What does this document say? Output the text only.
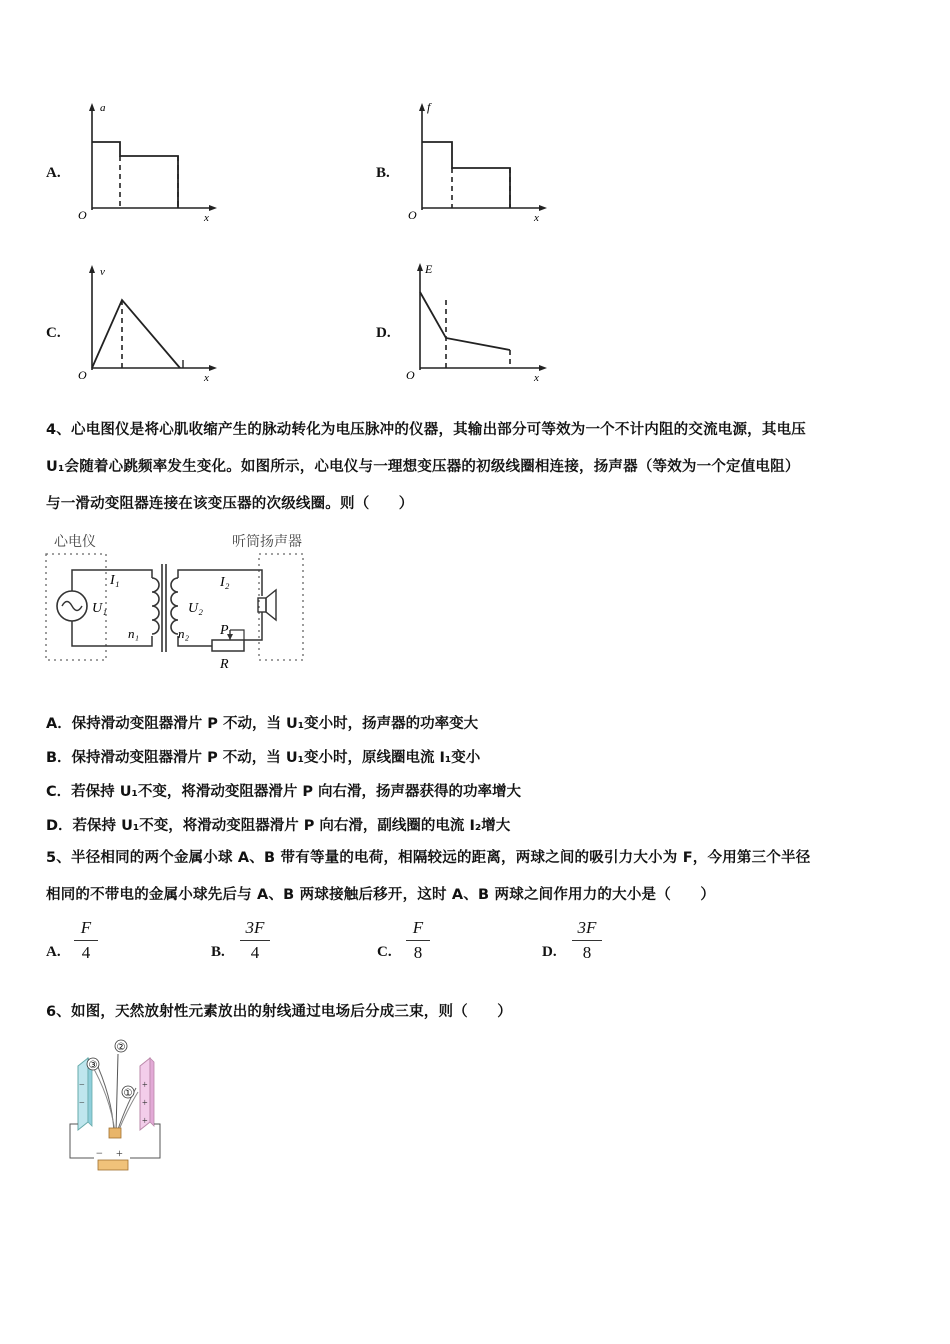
A.
a
x
O
B.
f
x
O
C.
v
x
O
D.
E
x
O
4、心电图仪是将心肌收缩产生的脉动转化为电压脉冲的仪器，其输出部分可等效为一个不计内阻的交流电源，其电压
U₁会随着心跳频率发生变化。如图所示，心电仪与一理想变压器的初级线圈相连接，扬声器（等效为一个定值电阻）
与一滑动变阻器连接在该变压器的次级线圈。则（　　）
心电仪	听筒扬声器
I₁
U₁
n₁
U₂
n₂
I₂
P
R
A．保持滑动变阻器滑片 P 不动，当 U₁变小时，扬声器的功率变大
B．保持滑动变阻器滑片 P 不动，当 U₁变小时，原线圈电流 I₁变小
C．若保持 U₁不变，将滑动变阻器滑片 P 向右滑，扬声器获得的功率增大
D．若保持 U₁不变，将滑动变阻器滑片 P 向右滑，副线圈的电流 I₂增大
5、半径相同的两个金属小球 A、B 带有等量的电荷，相隔较远的距离，两球之间的吸引力大小为 F，今用第三个半径
相同的不带电的金属小球先后与 A、B 两球接触后移开，这时 A、B 两球之间作用力的大小是（　　）
A.
F
4	B.
3F
4	C.
F
8	D.
3F
8
6、如图，天然放射性元素放出的射线通过电场后分成三束，则（　　）
−
−
+
+
+
③
②
①
− +
